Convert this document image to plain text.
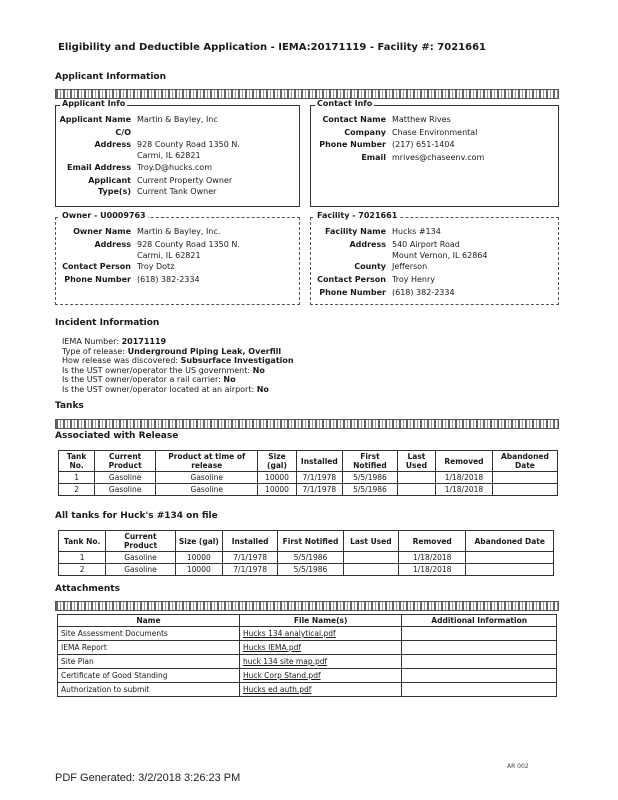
Eligibility and Deductible Application - IEMA:20171119 - Facility #: 7021661
Applicant Information
Applicant Info
Applicant Name Martin & Bayley, Inc
C/O
Address 928 County Road 1350 N.
Carmi, IL 62821
Email Address Troy.D@hucks.com
Applicant Type(s)
Current Property Owner
Current Tank Owner
Contact Info
Contact Name Matthew Rives
Company Chase Environmental
Phone Number (217) 651-1404
Email mrives@chaseenv.com
Owner - U0009763
Owner Name Martin & Bayley, Inc.
Address 928 County Road 1350 N.
Carmi, IL 62821
Contact Person Troy Dotz
Phone Number (618) 382-2334
Facility - 7021661
Facility Name Hucks #134
Address 540 Airport Road
Mount Vernon, IL 62864
County Jefferson
Contact Person Troy Henry
Phone Number (618) 382-2334
Incident Information
IEMA Number: 20171119
Type of release: Underground Piping Leak, Overfill
How release was discovered: Subsurface Investigation
Is the UST owner/operator the US government: No
Is the UST owner/operator a rail carrier: No
Is the UST owner/operator located at an airport: No
Tanks
Associated with Release
Tank No.	Current Product	Product at time of release	Size (gal)	Installed	First Notified	Last Used	Removed	Abandoned Date
1	Gasoline	Gasoline	10000	7/1/1978	5/5/1986		1/18/2018	
2	Gasoline	Gasoline	10000	7/1/1978	5/5/1986		1/18/2018	
All tanks for Huck's #134 on file
Tank No.	Current Product	Size (gal)	Installed	First Notified	Last Used	Removed	Abandoned Date
1	Gasoline	10000	7/1/1978	5/5/1986		1/18/2018	
2	Gasoline	10000	7/1/1978	5/5/1986		1/18/2018	
Attachments
Name	File Name(s)	Additional Information
Site Assessment Documents	Hucks 134 analytical.pdf	
IEMA Report	Hucks IEMA.pdf	
Site Plan	huck 134 site map.pdf	
Certificate of Good Standing	Huck Corp Stand.pdf	
Authorization to submit	Hucks ed auth.pdf	
AR 002
PDF Generated: 3/2/2018 3:26:23 PM
